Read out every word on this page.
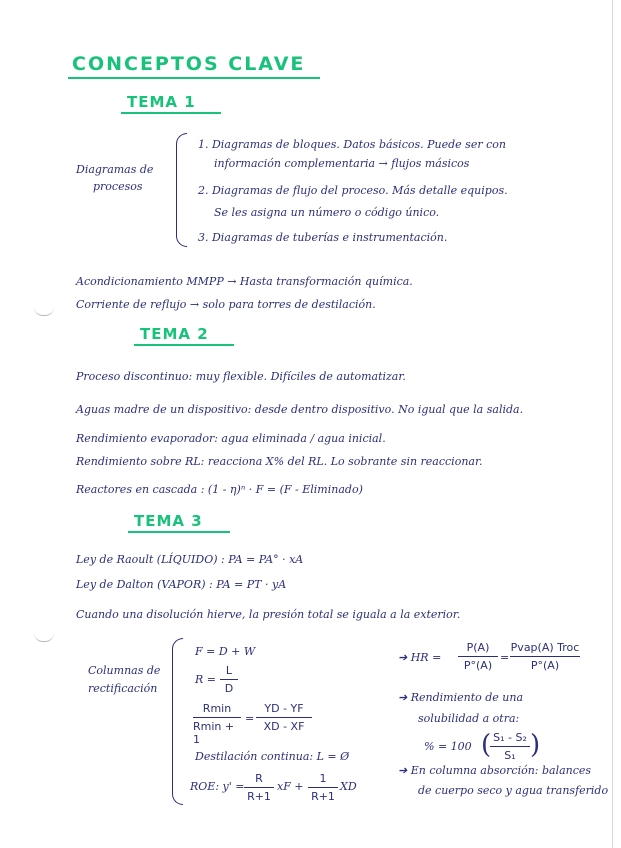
CONCEPTOS CLAVE
TEMA 1
Diagramas de
procesos
1. Diagramas de bloques. Datos básicos. Puede ser con
información complementaria → flujos másicos
2. Diagramas de flujo del proceso. Más detalle equipos.
Se les asigna un número o código único.
3. Diagramas de tuberías e instrumentación.
Acondicionamiento MMPP → Hasta transformación química.
Corriente de reflujo → solo para torres de destilación.
TEMA 2
Proceso discontinuo: muy flexible. Difíciles de automatizar.
Aguas madre de un dispositivo: desde dentro dispositivo. No igual que la salida.
Rendimiento evaporador: agua eliminada / agua inicial.
Rendimiento sobre RL: reacciona X% del RL. Lo sobrante sin reaccionar.
Reactores en cascada : (1 - η)ⁿ · F = (F - Eliminado)
TEMA 3
Ley de Raoult (LÍQUIDO) : PA = PA° · xA
Ley de Dalton (VAPOR) : PA = PT · yA
Cuando una disolución hierve, la presión total se iguala a la exterior.
Columnas de
rectificación
F = D + W
R =
L
D
Rmin
Rmin + 1
=
YD - YF
XD - XF
Destilación continua: L = Ø
ROE: y' =
R
R+1
xF +
1
R+1
XD
➔ HR =
P(A)
P°(A)
=
Pvap(A) Troc
P°(A)
➔ Rendimiento de una
solubilidad a otra:
% = 100 ( S₁ - S₂
S₁ )
➔ En columna absorción: balances
de cuerpo seco y agua transferido
